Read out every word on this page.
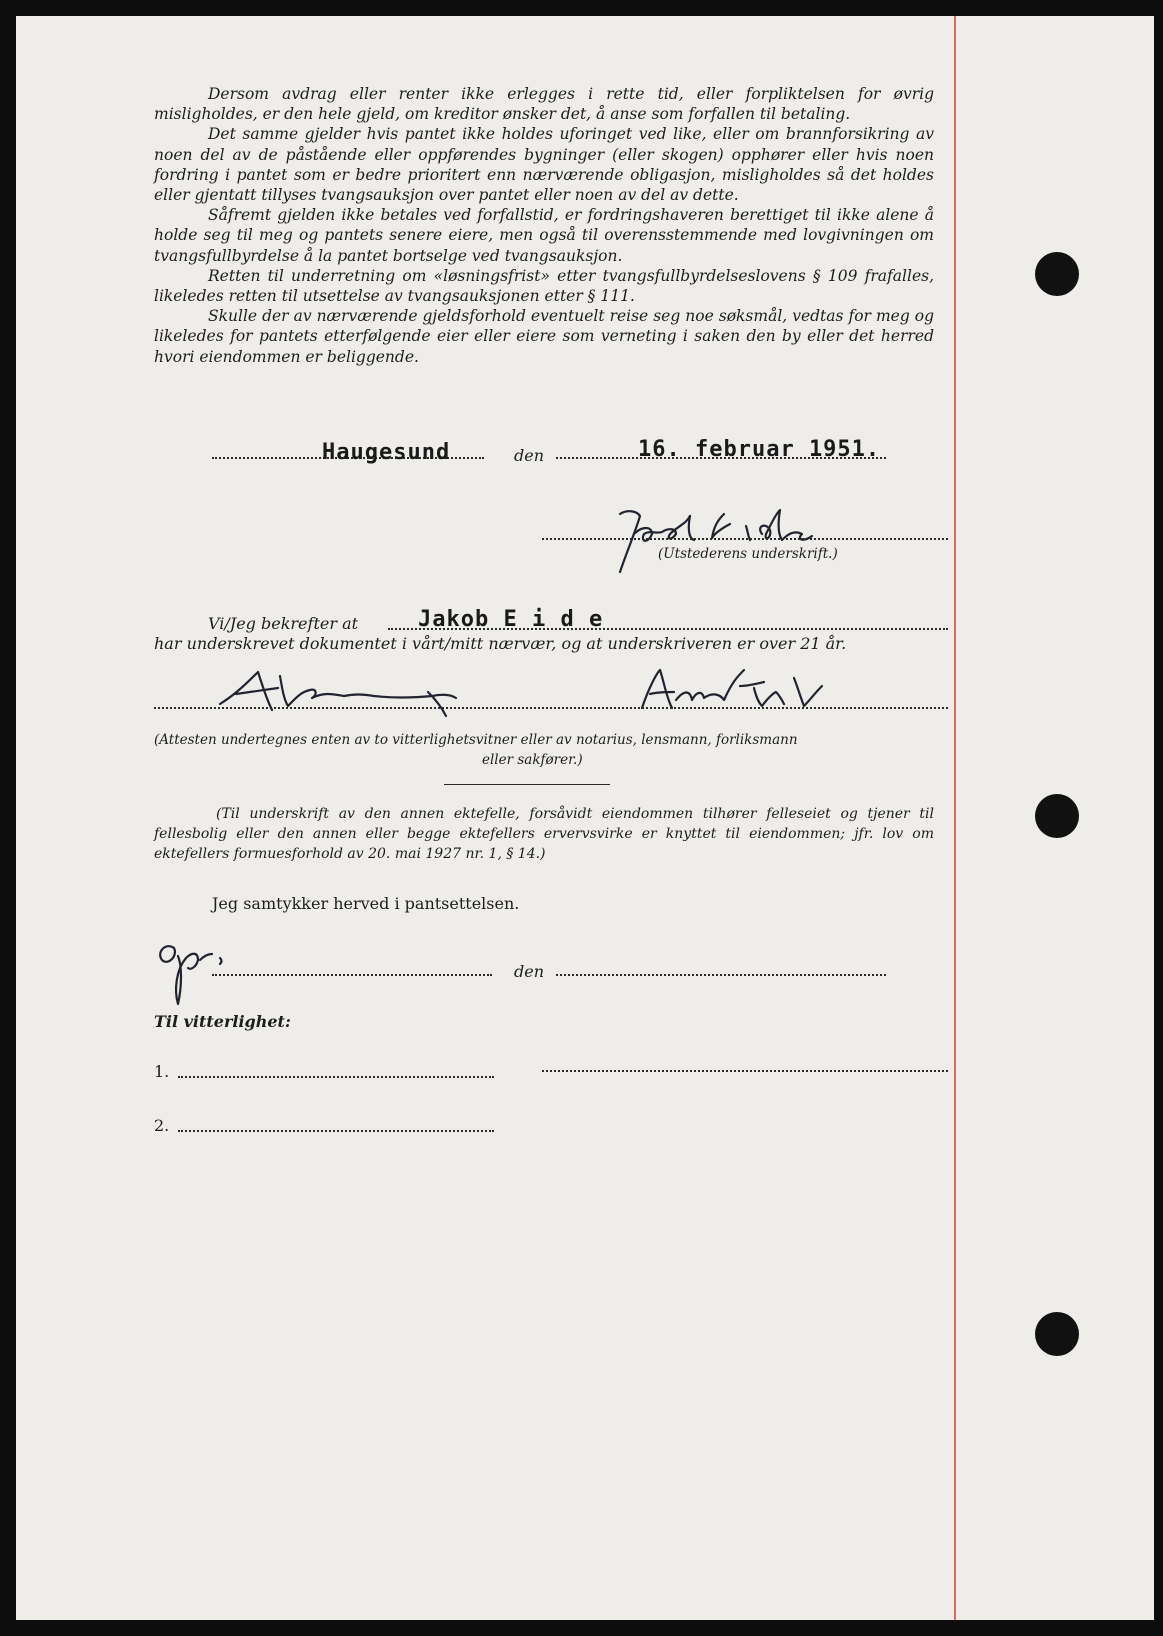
Dersom avdrag eller renter ikke erlegges i rette tid, eller forpliktelsen for øvrig misligholdes, er den hele gjeld, om kreditor ønsker det, å anse som forfallen til betaling.

Det samme gjelder hvis pantet ikke holdes uforinget ved like, eller om brannforsikring av noen del av de påstående eller oppførendes bygninger (eller skogen) opphører eller hvis noen fordring i pantet som er bedre prioritert enn nærværende obligasjon, misligholdes så det holdes eller gjentatt tillyses tvangsauksjon over pantet eller noen av del av dette.

Såfremt gjelden ikke betales ved forfallstid, er fordringshaveren berettiget til ikke alene å holde seg til meg og pantets senere eiere, men også til overensstemmende med lovgivningen om tvangsfullbyrdelse å la pantet bortselge ved tvangsauksjon.

Retten til underretning om «løsningsfrist» etter tvangsfullbyrdelseslovens § 109 frafalles, likeledes retten til utsettelse av tvangsauksjonen etter § 111.

Skulle der av nærværende gjeldsforhold eventuelt reise seg noe søksmål, vedtas for meg og likeledes for pantets etterfølgende eier eller eiere som verneting i saken den by eller det herred hvori eiendommen er beliggende.

Haugesund	den	16. februar 1951.
(Utstederens underskrift.)
Vi/Jeg bekrefter at	Jakob E i d e
har underskrevet dokumentet i vårt/mitt nærvær, og at underskriveren er over 21 år.
(Attesten undertegnes enten av to vitterlighetsvitner eller av notarius, lensmann, forliksmann
eller sakfører.)

(Til underskrift av den annen ektefelle, forsåvidt eiendommen tilhører felleseiet og tjener til fellesbolig eller den annen eller begge ektefellers ervervsvirke er knyttet til eiendommen; jfr. lov om ektefellers formuesforhold av 20. mai 1927 nr. 1, § 14.)

Jeg samtykker herved i pantsettelsen.
den
Til vitterlighet:
1.
2.
